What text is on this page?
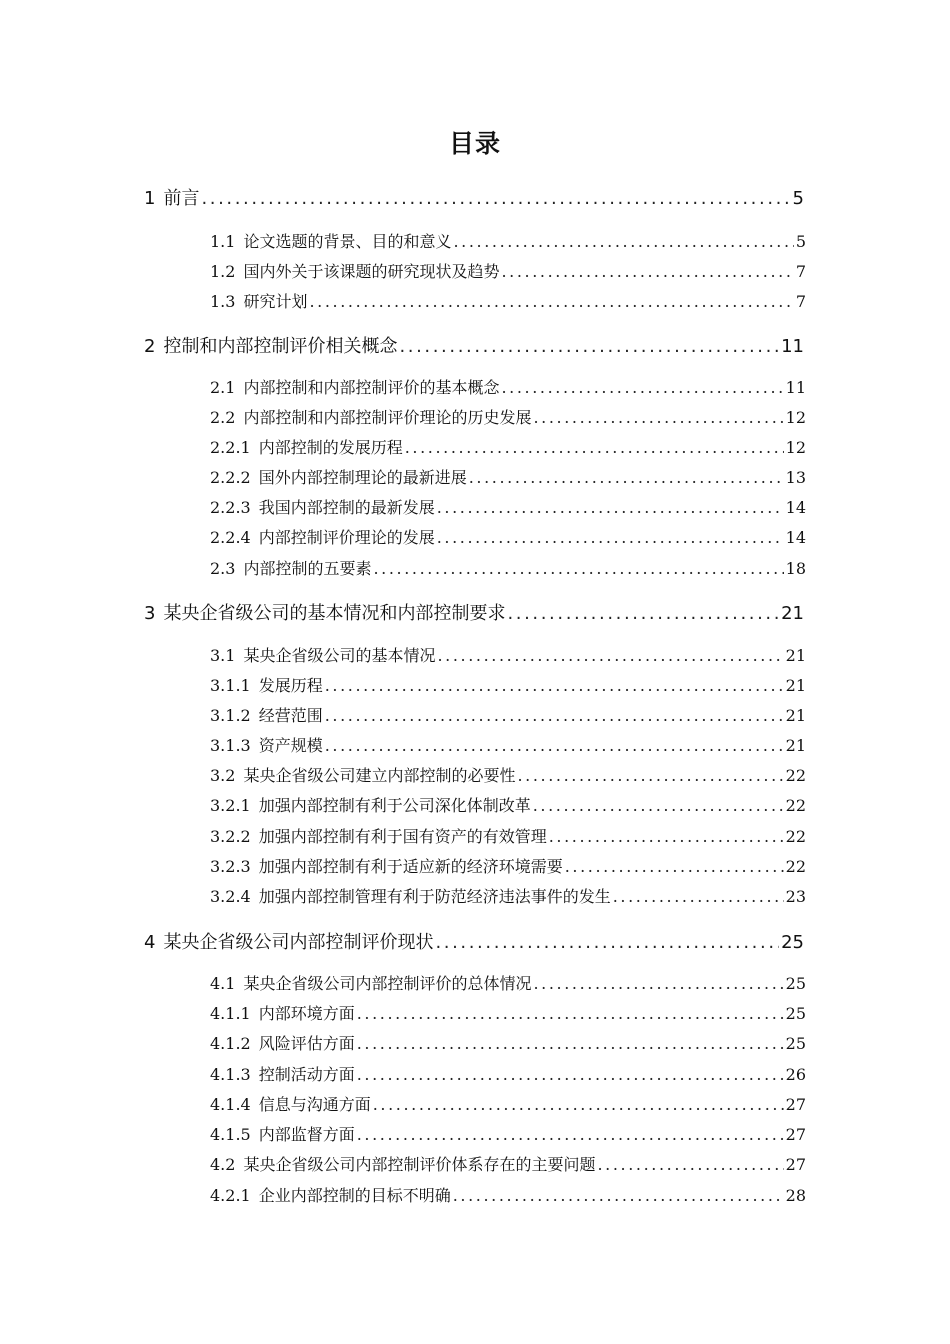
目录
1 前言 .....	5
1.1 论文选题的背景、目的和意义 .....	5
1.2 国内外关于该课题的研究现状及趋势 .....	7
1.3 研究计划 .....	7
2 控制和内部控制评价相关概念 .....	11
2.1 内部控制和内部控制评价的基本概念 .....	11
2.2 内部控制和内部控制评价理论的历史发展 .....	12
2.2.1 内部控制的发展历程 .....	12
2.2.2 国外内部控制理论的最新进展 .....	13
2.2.3 我国内部控制的最新发展 .....	14
2.2.4 内部控制评价理论的发展 .....	14
2.3 内部控制的五要素 .....	18
3 某央企省级公司的基本情况和内部控制要求 .....	21
3.1 某央企省级公司的基本情况 .....	21
3.1.1 发展历程 .....	21
3.1.2 经营范围 .....	21
3.1.3 资产规模 .....	21
3.2 某央企省级公司建立内部控制的必要性 .....	22
3.2.1 加强内部控制有利于公司深化体制改革 .....	22
3.2.2 加强内部控制有利于国有资产的有效管理 .....	22
3.2.3 加强内部控制有利于适应新的经济环境需要 .....	22
3.2.4 加强内部控制管理有利于防范经济违法事件的发生 .....	23
4 某央企省级公司内部控制评价现状 .....	25
4.1 某央企省级公司内部控制评价的总体情况 .....	25
4.1.1 内部环境方面 .....	25
4.1.2 风险评估方面 .....	25
4.1.3 控制活动方面 .....	26
4.1.4 信息与沟通方面 .....	27
4.1.5 内部监督方面 .....	27
4.2 某央企省级公司内部控制评价体系存在的主要问题 .....	27
4.2.1 企业内部控制的目标不明确 .....	28
